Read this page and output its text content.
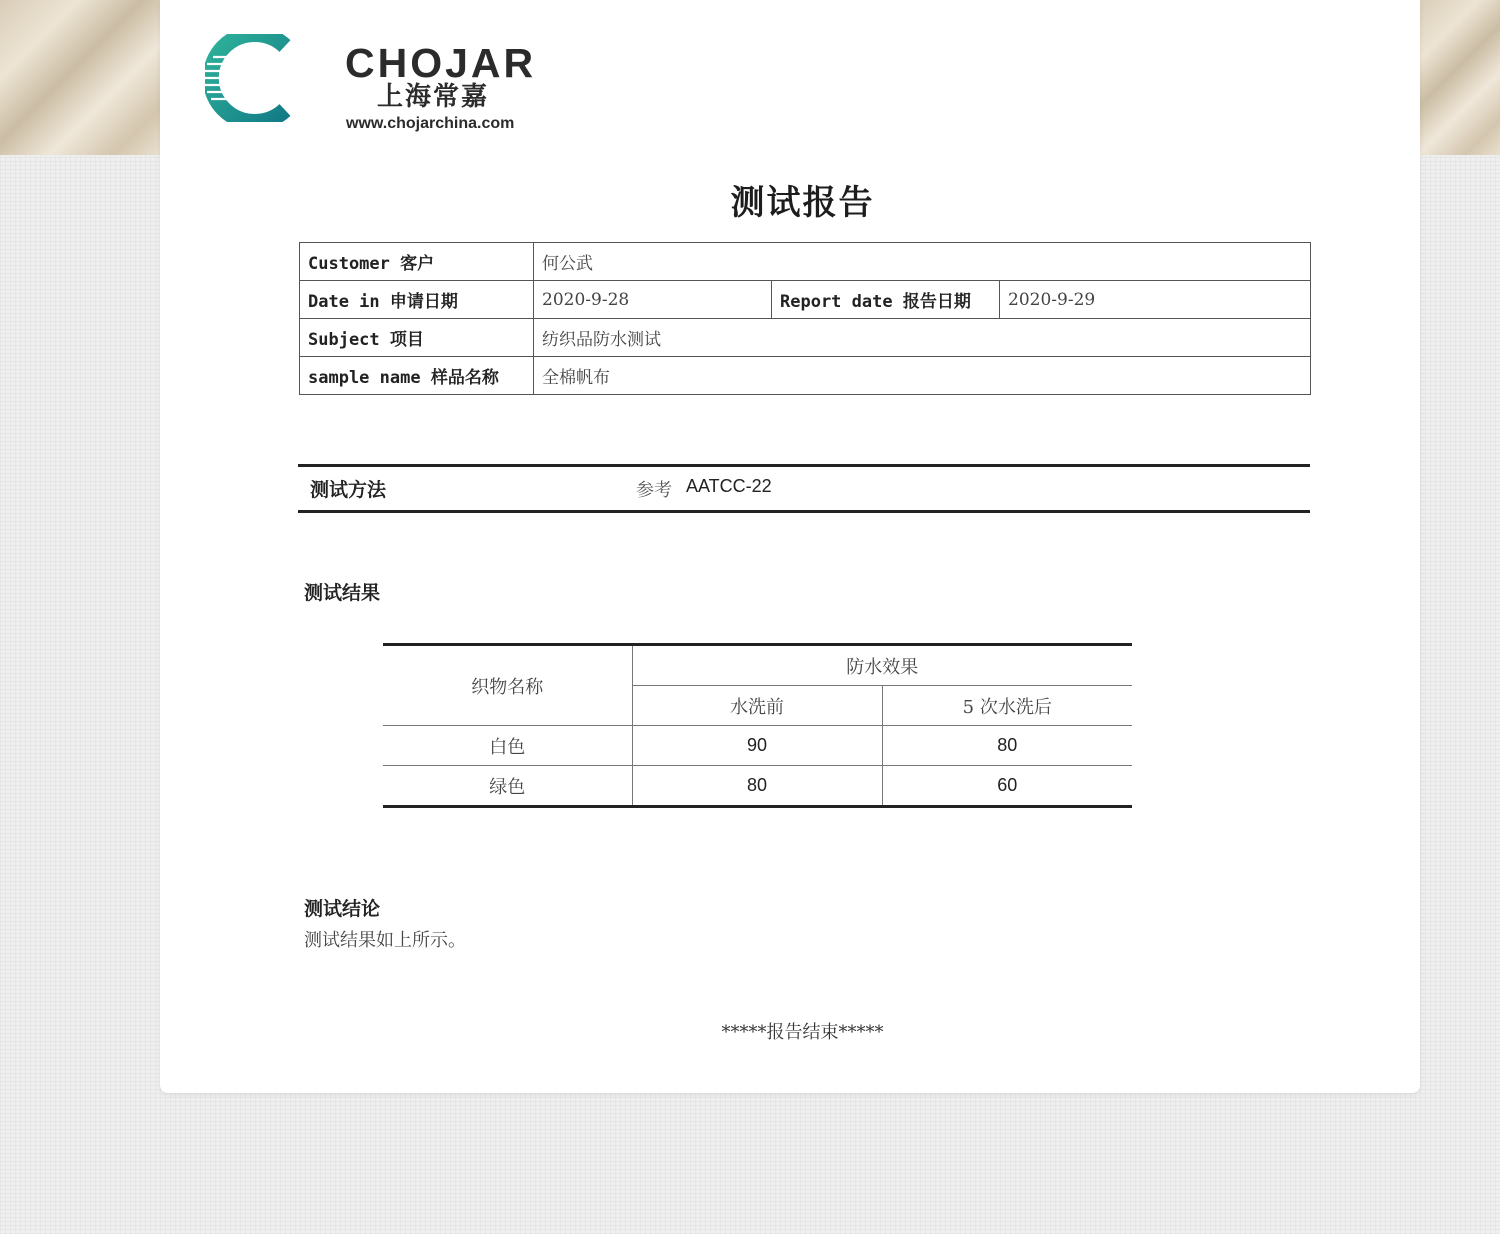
CHOJAR
上海常嘉
www.chojarchina.com
测试报告
Customer 客户	何公武		
Date in 申请日期	2020-9-28	Report date 报告日期	2020-9-29
Subject 项目	纺织品防水测试		
sample name 样品名称	全棉帆布		
测试方法	参考 AATCC-22
测试结果
织物名称	防水效果	
	水洗前	5 次水洗后
白色	90	80
绿色	80	60
测试结论
测试结果如上所示。
*****报告结束*****
